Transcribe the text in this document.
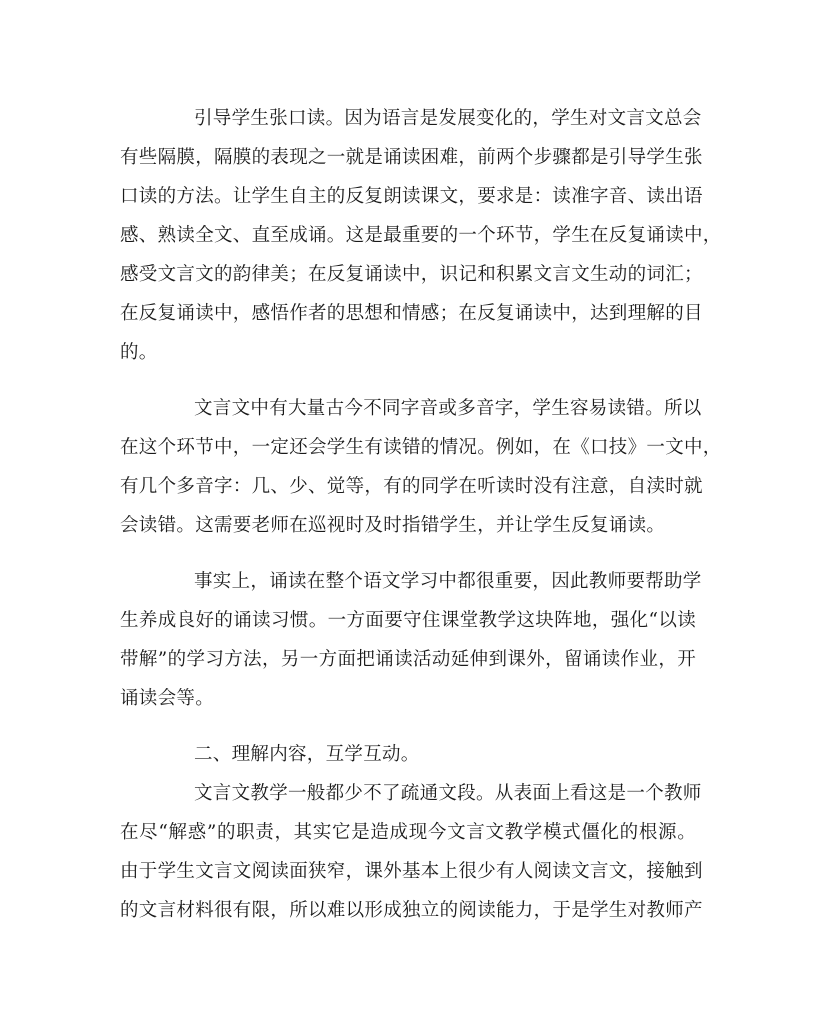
引导学生张口读。因为语言是发展变化的，学生对文言文总会
有些隔膜，隔膜的表现之一就是诵读困难，前两个步骤都是引导学生张
口读的方法。让学生自主的反复朗读课文，要求是：读准字音、读出语
感、熟读全文、直至成诵。这是最重要的一个环节，学生在反复诵读中，
感受文言文的韵律美；在反复诵读中，识记和积累文言文生动的词汇；
在反复诵读中，感悟作者的思想和情感；在反复诵读中，达到理解的目
的。
文言文中有大量古今不同字音或多音字，学生容易读错。所以
在这个环节中，一定还会学生有读错的情况。例如，在《口技》一文中，
有几个多音字：几、少、觉等，有的同学在听读时没有注意，自渎时就
会读错。这需要老师在巡视时及时指错学生，并让学生反复诵读。
事实上，诵读在整个语文学习中都很重要，因此教师要帮助学
生养成良好的诵读习惯。一方面要守住课堂教学这块阵地，强化“以读
带解”的学习方法，另一方面把诵读活动延伸到课外，留诵读作业，开
诵读会等。
二、理解内容，互学互动。
文言文教学一般都少不了疏通文段。从表面上看这是一个教师
在尽“解惑”的职责，其实它是造成现今文言文教学模式僵化的根源。
由于学生文言文阅读面狭窄，课外基本上很少有人阅读文言文，接触到
的文言材料很有限，所以难以形成独立的阅读能力，于是学生对教师产
